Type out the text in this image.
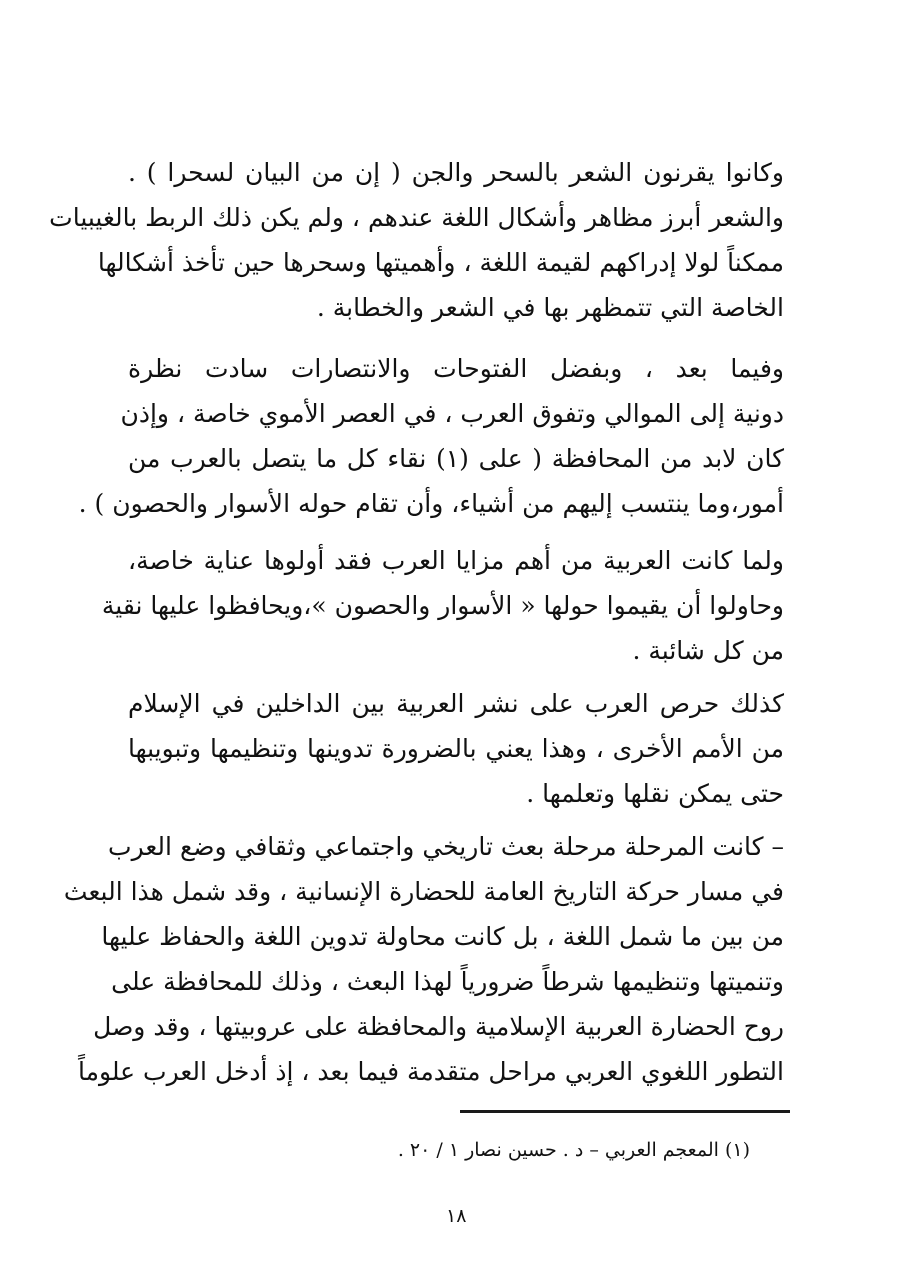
وكانوا يقرنون الشعر بالسحر والجن ( إن من البيان لسحرا ) .
والشعر أبرز مظاهر وأشكال اللغة عندهم ، ولم يكن ذلك الربط بالغيبيات
ممكناً لولا إدراكهم لقيمة اللغة ، وأهميتها وسحرها حين تأخذ أشكالها
الخاصة التي تتمظهر بها في الشعر والخطابة .
وفيما بعد ، وبفضل الفتوحات والانتصارات سادت نظرة
دونية إلى الموالي وتفوق العرب ، في العصر الأموي خاصة ، وإذن
كان لابد من المحافظة ( على (١) نقاء كل ما يتصل بالعرب من
أمور،وما ينتسب إليهم من أشياء، وأن تقام حوله الأسوار والحصون ) .
ولما كانت العربية من أهم مزايا العرب فقد أولوها عناية خاصة،
وحاولوا أن يقيموا حولها « الأسوار والحصون »،ويحافظوا عليها نقية
من كل شائبة .
كذلك حرص العرب على نشر العربية بين الداخلين في الإسلام
من الأمم الأخرى ، وهذا يعني بالضرورة تدوينها وتنظيمها وتبويبها
حتى يمكن نقلها وتعلمها .
– كانت المرحلة مرحلة بعث تاريخي واجتماعي وثقافي وضع العرب
في مسار حركة التاريخ العامة للحضارة الإنسانية ، وقد شمل هذا البعث
من بين ما شمل اللغة ، بل كانت محاولة تدوين اللغة والحفاظ عليها
وتنميتها وتنظيمها شرطاً ضرورياً لهذا البعث ، وذلك للمحافظة على
روح الحضارة العربية الإسلامية والمحافظة على عروبيتها ، وقد وصل
التطور اللغوي العربي مراحل متقدمة فيما بعد ، إذ أدخل العرب علوماً
(١) المعجم العربي – د . حسين نصار ١ / ٢٠ .
١٨
